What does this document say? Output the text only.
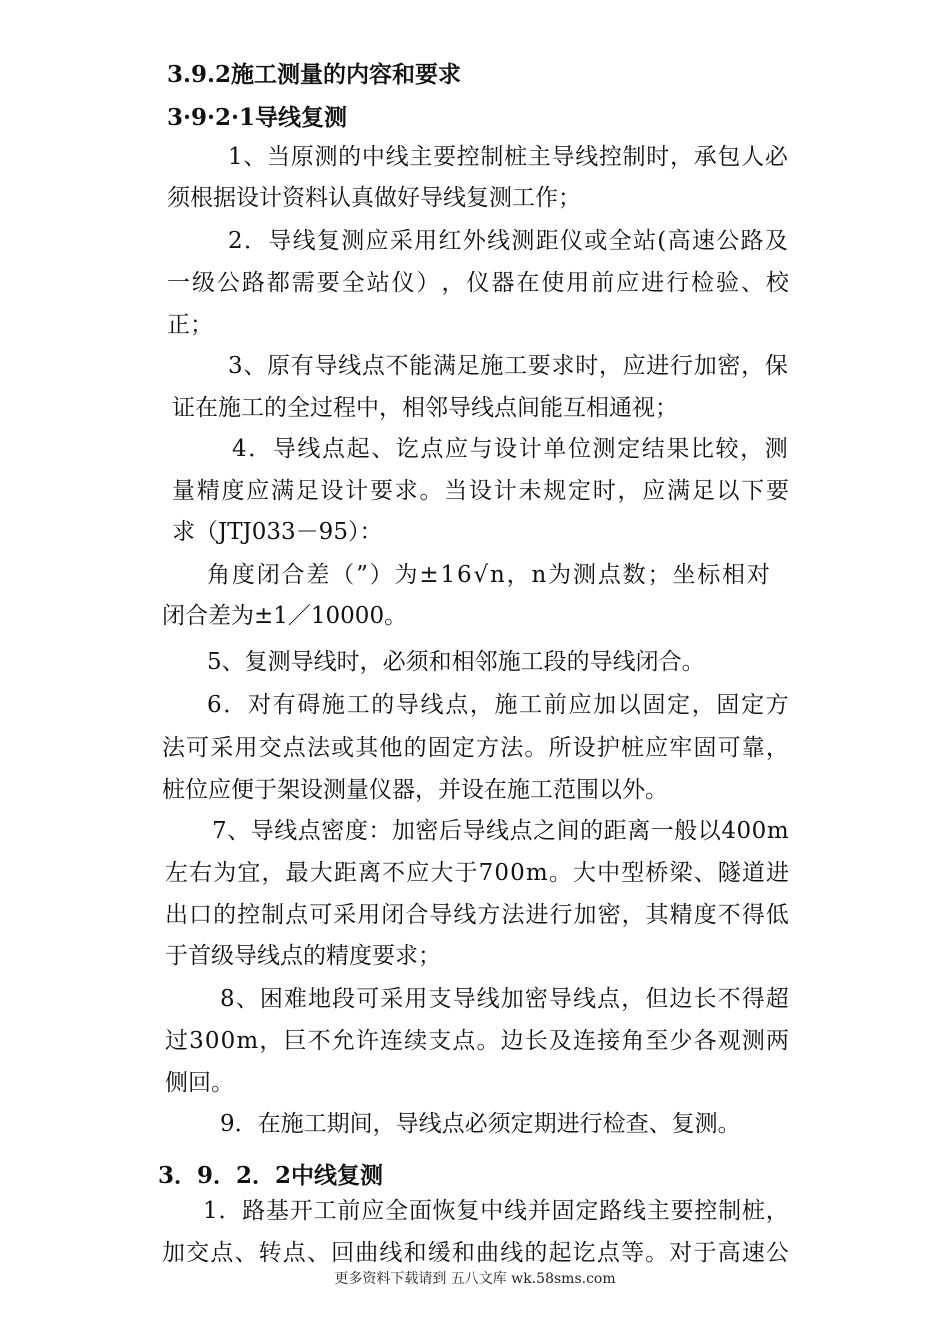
3.9.2施工测量的内容和要求
3·9·2·1导线复测
1 、 当 原 测 的 中 线 主 要 控 制 桩 主 导 线 控 制 时 ， 承 包 人 必
须根据设计资料认真做好导线复测工作；
2 ． 导 线 复 测 应 采 用 红 外 线 测 距 仪 或 全 站 ( 高 速 公 路 及
一 级 公 路 都 需 要 全 站 仪 ） ， 仪 器 在 使 用 前 应 进 行 检 验 、 校
正；
3 、 原 有 导 线 点 不 能 满 足 施 工 要 求 时 ， 应 进 行 加 密 ， 保
证在施工的全过程中，相邻导线点间能互相通视；
4 ． 导 线 点 起 、 讫 点 应 与 设 计 单 位 测 定 结 果 比 较 ， 测
量 精 度 应 满 足 设 计 要 求 。 当 设 计 未 规 定 时 ， 应 满 足 以 下 要
求（JTJ033－95）：
角 度 闭 合 差 （ ” ） 为 ± 1 6 √ n ， n 为 测 点 数 ； 坐 标 相 对
闭合差为±1／10000。
5、复测导线时，必须和相邻施工段的导线闭合。
6 ． 对 有 碍 施 工 的 导 线 点 ， 施 工 前 应 加 以 固 定 ， 固 定 方
法 可 采 用 交 点 法 或 其 他 的 固 定 方 法 。 所 设 护 桩 应 牢 固 可 靠 ，
桩位应便于架设测量仪器，并设在施工范围以外。
7 、 导 线 点 密 度 ： 加 密 后 导 线 点 之 间 的 距 离 一 般 以 4 0 0 m
左 右 为 宜 ， 最 大 距 离 不 应 大 于 7 0 0 m 。 大 中 型 桥 梁 、 隧 道 进
出 口 的 控 制 点 可 采 用 闭 合 导 线 方 法 进 行 加 密 ， 其 精 度 不 得 低
于首级导线点的精度要求；
8 、 困 难 地 段 可 采 用 支 导 线 加 密 导 线 点 ， 但 边 长 不 得 超
过 3 0 0 m ， 巨 不 允 许 连 续 支 点 。 边 长 及 连 接 角 至 少 各 观 测 两
侧回。
9．在施工期间，导线点必须定期进行检查、复测。
3．9．2．2中线复测
1 ． 路 基 开 工 前 应 全 面 恢 复 中 线 并 固 定 路 线 主 要 控 制 桩 ，
加 交 点 、 转 点 、 回 曲 线 和 缓 和 曲 线 的 起 讫 点 等 。 对 于 高 速 公
更多资料下载请到 五八文库 wk.58sms.com
